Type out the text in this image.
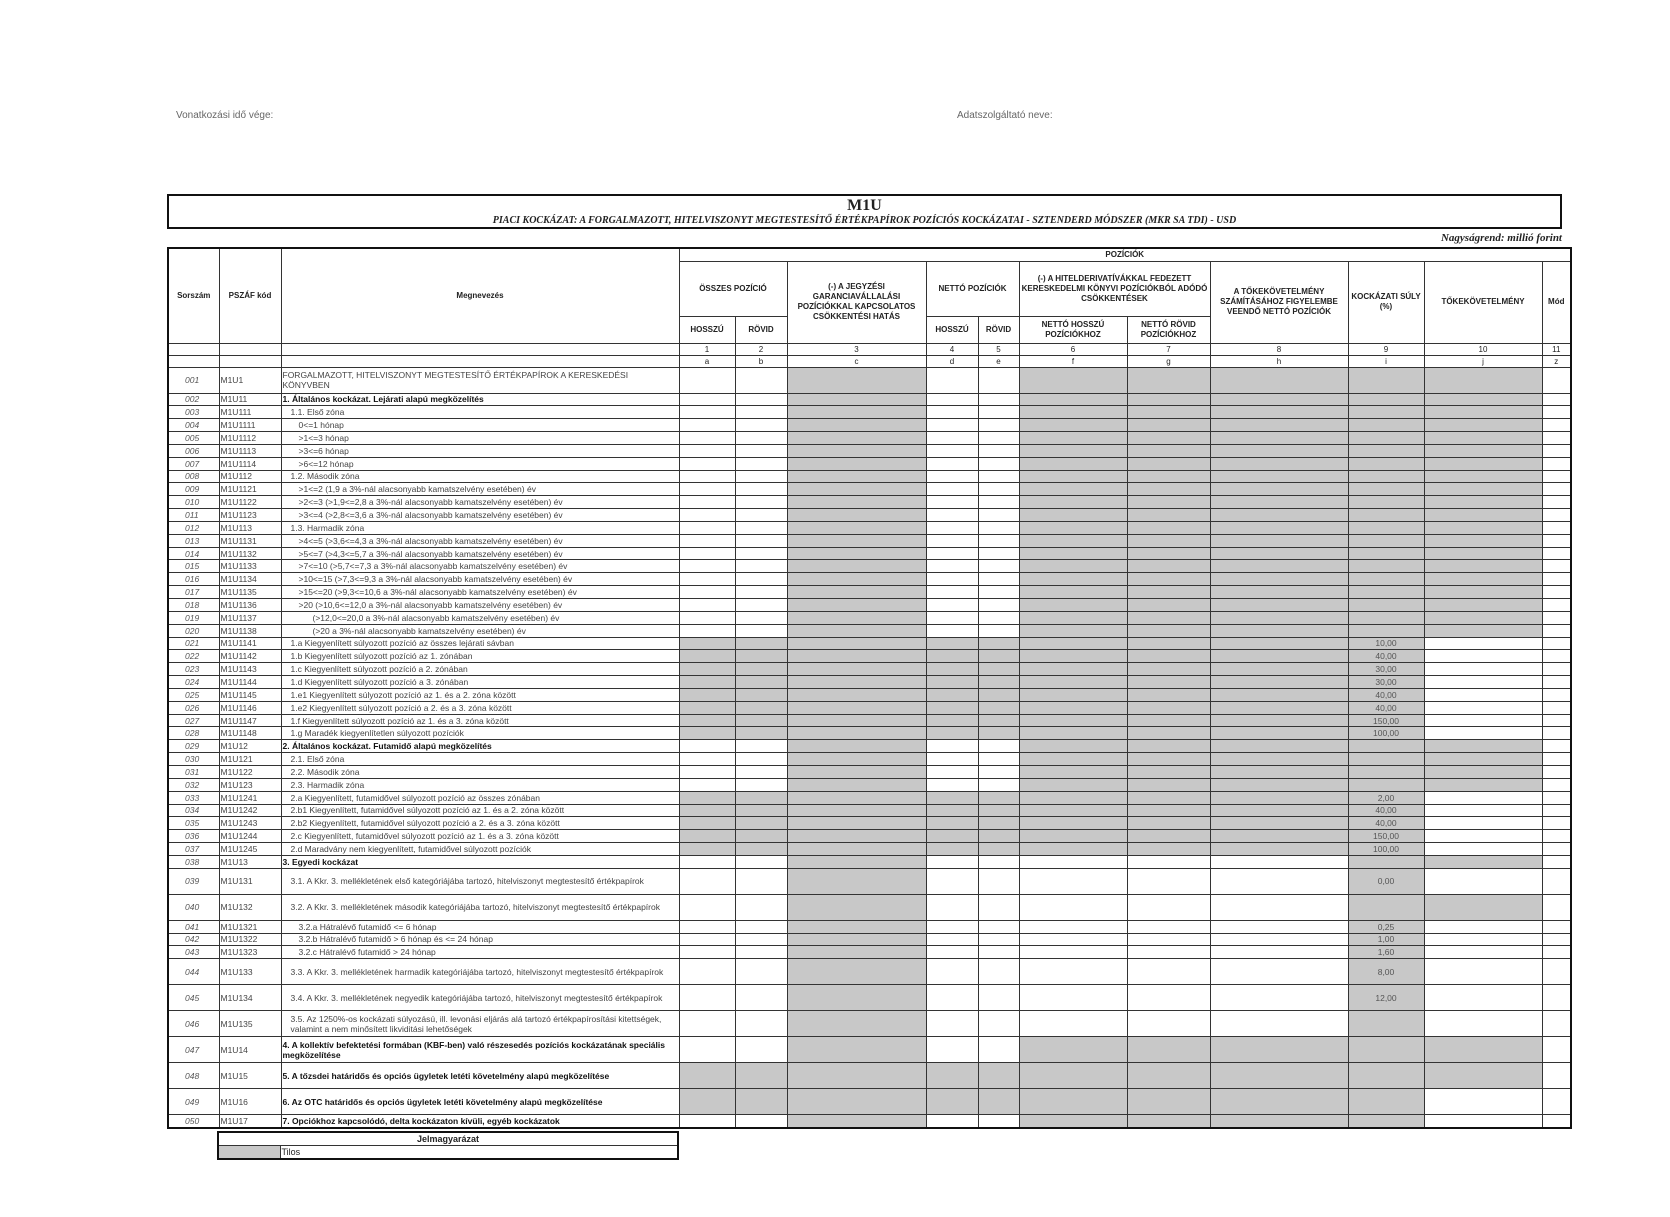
Vonatkozási idő vége:	Adatszolgáltató neve:
M1U
PIACI KOCKÁZAT: A FORGALMAZOTT, HITELVISZONYT MEGTESTESÍTŐ ÉRTÉKPAPÍROK POZÍCIÓS KOCKÁZATAI - SZTENDERD MÓDSZER (MKR SA TDI) - USD
Nagyságrend: millió forint
Sorszám	PSZÁF kód	Megnevezés	POZÍCIÓK										
			ÖSSZES POZÍCIÓ		(-) A JEGYZÉSI GARANCIAVÁLLALÁSI POZÍCIÓKKAL KAPCSOLATOS CSÖKKENTÉSI HATÁS	NETTÓ POZÍCIÓK		(-) A HITELDERIVATÍVÁKKAL FEDEZETT KERESKEDELMI KÖNYVI POZÍCIÓKBÓL ADÓDÓ CSÖKKENTÉSEK		A TŐKEKÖVETELMÉNY SZÁMÍTÁSÁHOZ FIGYELEMBE VEENDŐ NETTÓ POZÍCIÓK	KOCKÁZATI SÚLY (%)	TŐKEKÖVETELMÉNY	Mód
			HOSSZÚ	RÖVID		HOSSZÚ	RÖVID	NETTÓ HOSSZÚ POZÍCIÓKHOZ	NETTÓ RÖVID POZÍCIÓKHOZ				
			1	2	3	4	5	6	7	8	9	10	11
			a	b	c	d	e	f	g	h	i	j	z
001	M1U1	FORGALMAZOTT, HITELVISZONYT MEGTESTESÍTŐ ÉRTÉKPAPÍROK A KERESKEDÉSI KÖNYVBEN											
002	M1U11	1. Általános kockázat. Lejárati alapú megközelítés											
003	M1U111	1.1. Első zóna											
004	M1U1111	0<=1 hónap											
005	M1U1112	>1<=3 hónap											
006	M1U1113	>3<=6 hónap											
007	M1U1114	>6<=12 hónap											
008	M1U112	1.2. Második zóna											
009	M1U1121	>1<=2 (1,9 a 3%-nál alacsonyabb kamatszelvény esetében) év											
010	M1U1122	>2<=3 (>1,9<=2,8 a 3%-nál alacsonyabb kamatszelvény esetében) év											
011	M1U1123	>3<=4 (>2,8<=3,6 a 3%-nál alacsonyabb kamatszelvény esetében) év											
012	M1U113	1.3. Harmadik zóna											
013	M1U1131	>4<=5 (>3,6<=4,3 a 3%-nál alacsonyabb kamatszelvény esetében) év											
014	M1U1132	>5<=7 (>4,3<=5,7 a 3%-nál alacsonyabb kamatszelvény esetében) év											
015	M1U1133	>7<=10 (>5,7<=7,3 a 3%-nál alacsonyabb kamatszelvény esetében) év											
016	M1U1134	>10<=15 (>7,3<=9,3 a 3%-nál alacsonyabb kamatszelvény esetében) év											
017	M1U1135	>15<=20 (>9,3<=10,6 a 3%-nál alacsonyabb kamatszelvény esetében) év											
018	M1U1136	>20 (>10,6<=12,0 a 3%-nál alacsonyabb kamatszelvény esetében) év											
019	M1U1137	(>12,0<=20,0 a 3%-nál alacsonyabb kamatszelvény esetében) év											
020	M1U1138	(>20 a 3%-nál alacsonyabb kamatszelvény esetében) év											
021	M1U1141	1.a Kiegyenlített súlyozott pozíció az összes lejárati sávban									10,00		
022	M1U1142	1.b Kiegyenlített súlyozott pozíció az 1. zónában									40,00		
023	M1U1143	1.c Kiegyenlített súlyozott pozíció a 2. zónában									30,00		
024	M1U1144	1.d Kiegyenlített súlyozott pozíció a 3. zónában									30,00		
025	M1U1145	1.e1 Kiegyenlített súlyozott pozíció az 1. és a 2. zóna között									40,00		
026	M1U1146	1.e2 Kiegyenlített súlyozott pozíció a 2. és a 3. zóna között									40,00		
027	M1U1147	1.f Kiegyenlített súlyozott pozíció az 1. és a 3. zóna között									150,00		
028	M1U1148	1.g Maradék kiegyenlítetlen súlyozott pozíciók									100,00		
029	M1U12	2. Általános kockázat. Futamidő alapú megközelítés											
030	M1U121	2.1. Első zóna											
031	M1U122	2.2. Második zóna											
032	M1U123	2.3. Harmadik zóna											
033	M1U1241	2.a Kiegyenlített, futamidővel súlyozott pozíció az összes zónában									2,00		
034	M1U1242	2.b1 Kiegyenlített, futamidővel súlyozott pozíció az 1. és a 2. zóna között									40,00		
035	M1U1243	2.b2 Kiegyenlített, futamidővel súlyozott pozíció a 2. és a 3. zóna között									40,00		
036	M1U1244	2.c Kiegyenlített, futamidővel súlyozott pozíció az 1. és a 3. zóna között									150,00		
037	M1U1245	2.d Maradvány nem kiegyenlített, futamidővel súlyozott pozíciók									100,00		
038	M1U13	3. Egyedi kockázat											
039	M1U131	3.1. A Kkr. 3. mellékletének első kategóriájába tartozó, hitelviszonyt megtestesítő értékpapírok									0,00		
040	M1U132	3.2. A Kkr. 3. mellékletének második kategóriájába tartozó, hitelviszonyt megtestesítő értékpapírok											
041	M1U1321	3.2.a Hátralévő futamidő <= 6 hónap									0,25		
042	M1U1322	3.2.b Hátralévő futamidő > 6 hónap és <= 24 hónap									1,00		
043	M1U1323	3.2.c Hátralévő futamidő > 24 hónap									1,60		
044	M1U133	3.3. A Kkr. 3. mellékletének harmadik kategóriájába tartozó, hitelviszonyt megtestesítő értékpapírok									8,00		
045	M1U134	3.4. A Kkr. 3. mellékletének negyedik kategóriájába tartozó, hitelviszonyt megtestesítő értékpapírok									12,00		
046	M1U135	3.5. Az 1250%-os kockázati súlyozású, ill. levonási eljárás alá tartozó értékpapírosítási kitettségek, valamint a nem minősített likviditási lehetőségek											
047	M1U14	4. A kollektív befektetési formában (KBF-ben) való részesedés pozíciós kockázatának speciális megközelítése											
048	M1U15	5. A tőzsdei határidős és opciós ügyletek letéti követelmény alapú megközelítése											
049	M1U16	6. Az OTC határidős és opciós ügyletek letéti követelmény alapú megközelítése											
050	M1U17	7. Opciókhoz kapcsolódó, delta kockázaton kívüli, egyéb kockázatok											
Jelmagyarázat
	Tilos
